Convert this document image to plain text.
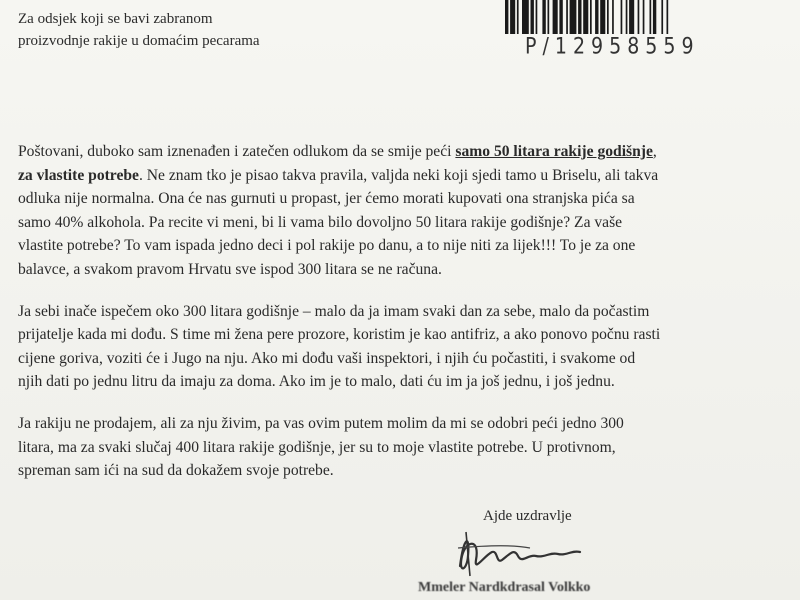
Za odsjek koji se bavi zabranom
proizvodnje rakije u domaćim pecarama	P/12958559

Poštovani, duboko sam iznenađen i zatečen odlukom da se smije peći samo 50 litara rakije godišnje,
za vlastite potrebe. Ne znam tko je pisao takva pravila, valjda neki koji sjedi tamo u Briselu, ali takva
odluka nije normalna. Ona će nas gurnuti u propast, jer ćemo morati kupovati ona stranjska pića sa
samo 40% alkohola. Pa recite vi meni, bi li vama bilo dovoljno 50 litara rakije godišnje? Za vaše
vlastite potrebe? To vam ispada jedno deci i pol rakije po danu, a to nije niti za lijek!!! To je za one
balavce, a svakom pravom Hrvatu sve ispod 300 litara se ne računa.

Ja sebi inače ispečem oko 300 litara godišnje – malo da ja imam svaki dan za sebe, malo da počastim
prijatelje kada mi dođu. S time mi žena pere prozore, koristim je kao antifriz, a ako ponovo počnu rasti
cijene goriva, voziti će i Jugo na nju. Ako mi dođu vaši inspektori, i njih ću počastiti, i svakome od
njih dati po jednu litru da imaju za doma. Ako im je to malo, dati ću im ja još jednu, i još jednu.

Ja rakiju ne prodajem, ali za nju živim, pa vas ovim putem molim da mi se odobri peći jedno 300
litara, ma za svaki slučaj 400 litara rakije godišnje, jer su to moje vlastite potrebe. U protivnom,
spreman sam ići na sud da dokažem svoje potrebe.

Ajde uzdravlje
Mmeler Nardkdrasal Volkko
